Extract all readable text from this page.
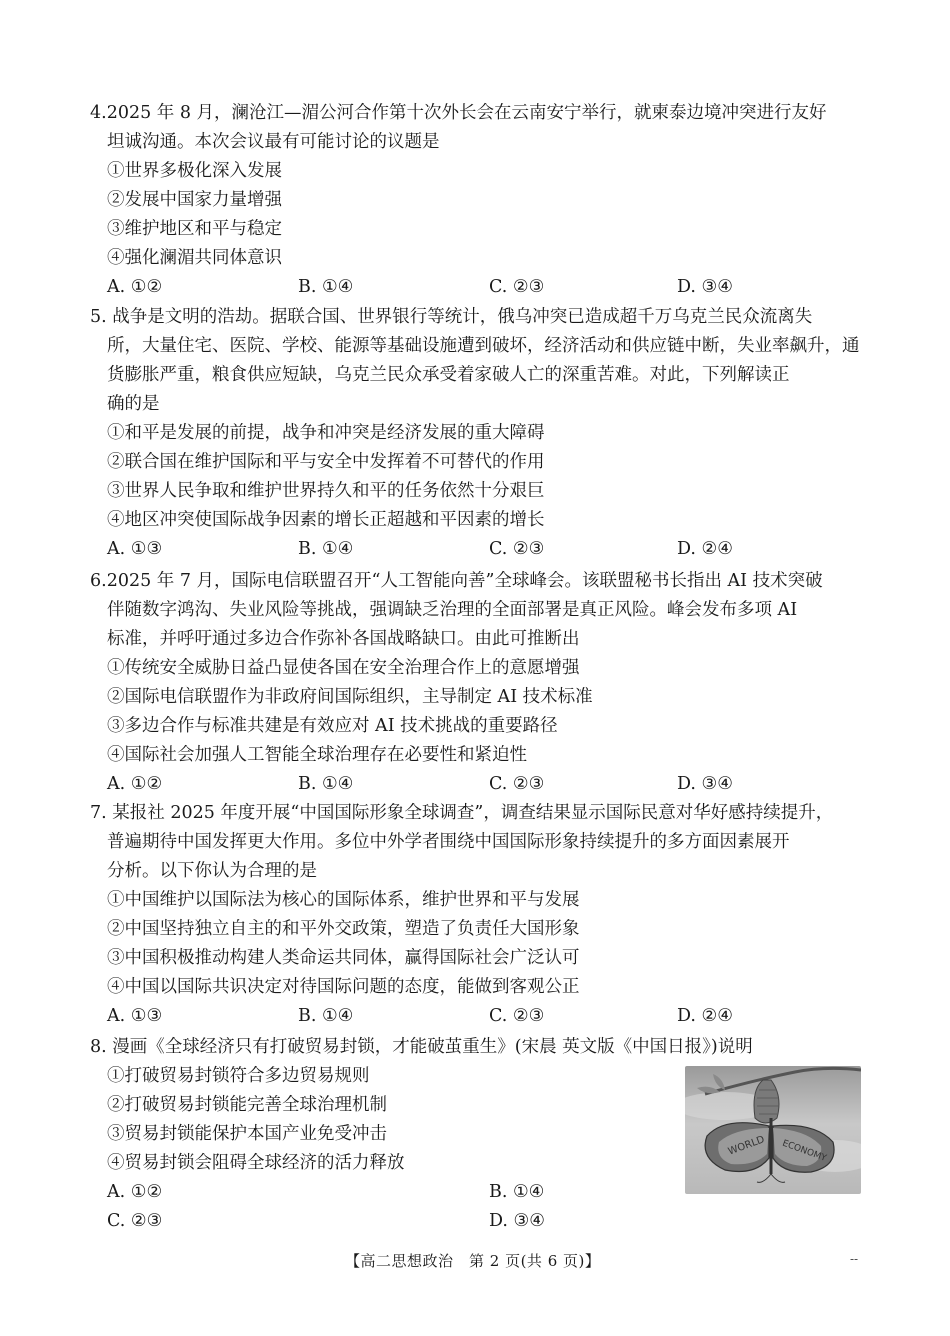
4.2025 年 8 月，澜沧江—湄公河合作第十次外长会在云南安宁举行，就柬泰边境冲突进行友好
坦诚沟通。本次会议最有可能讨论的议题是
①世界多极化深入发展
②发展中国家力量增强
③维护地区和平与稳定
④强化澜湄共同体意识
A. ①②	B. ①④	C. ②③	D. ③④
5. 战争是文明的浩劫。据联合国、世界银行等统计，俄乌冲突已造成超千万乌克兰民众流离失
所，大量住宅、医院、学校、能源等基础设施遭到破坏，经济活动和供应链中断，失业率飙升，通
货膨胀严重，粮食供应短缺，乌克兰民众承受着家破人亡的深重苦难。对此，下列解读正
确的是
①和平是发展的前提，战争和冲突是经济发展的重大障碍
②联合国在维护国际和平与安全中发挥着不可替代的作用
③世界人民争取和维护世界持久和平的任务依然十分艰巨
④地区冲突使国际战争因素的增长正超越和平因素的增长
A. ①③	B. ①④	C. ②③	D. ②④
6.2025 年 7 月，国际电信联盟召开“人工智能向善”全球峰会。该联盟秘书长指出 AI 技术突破
伴随数字鸿沟、失业风险等挑战，强调缺乏治理的全面部署是真正风险。峰会发布多项 AI
标准，并呼吁通过多边合作弥补各国战略缺口。由此可推断出
①传统安全威胁日益凸显使各国在安全治理合作上的意愿增强
②国际电信联盟作为非政府间国际组织，主导制定 AI 技术标准
③多边合作与标准共建是有效应对 AI 技术挑战的重要路径
④国际社会加强人工智能全球治理存在必要性和紧迫性
A. ①②	B. ①④	C. ②③	D. ③④
7. 某报社 2025 年度开展“中国国际形象全球调查”，调查结果显示国际民意对华好感持续提升，
普遍期待中国发挥更大作用。多位中外学者围绕中国国际形象持续提升的多方面因素展开
分析。以下你认为合理的是
①中国维护以国际法为核心的国际体系，维护世界和平与发展
②中国坚持独立自主的和平外交政策，塑造了负责任大国形象
③中国积极推动构建人类命运共同体，赢得国际社会广泛认可
④中国以国际共识决定对待国际问题的态度，能做到客观公正
A. ①③	B. ①④	C. ②③	D. ②④
8. 漫画《全球经济只有打破贸易封锁，才能破茧重生》(宋晨 英文版《中国日报》)说明
①打破贸易封锁符合多边贸易规则
②打破贸易封锁能完善全球治理机制
③贸易封锁能保护本国产业免受冲击
④贸易封锁会阻碍全球经济的活力释放
A. ①②	B. ①④
C. ②③	D. ③④
WORLD ECONOMY
【高二思想政治　第 2 页(共 6 页)】	--
